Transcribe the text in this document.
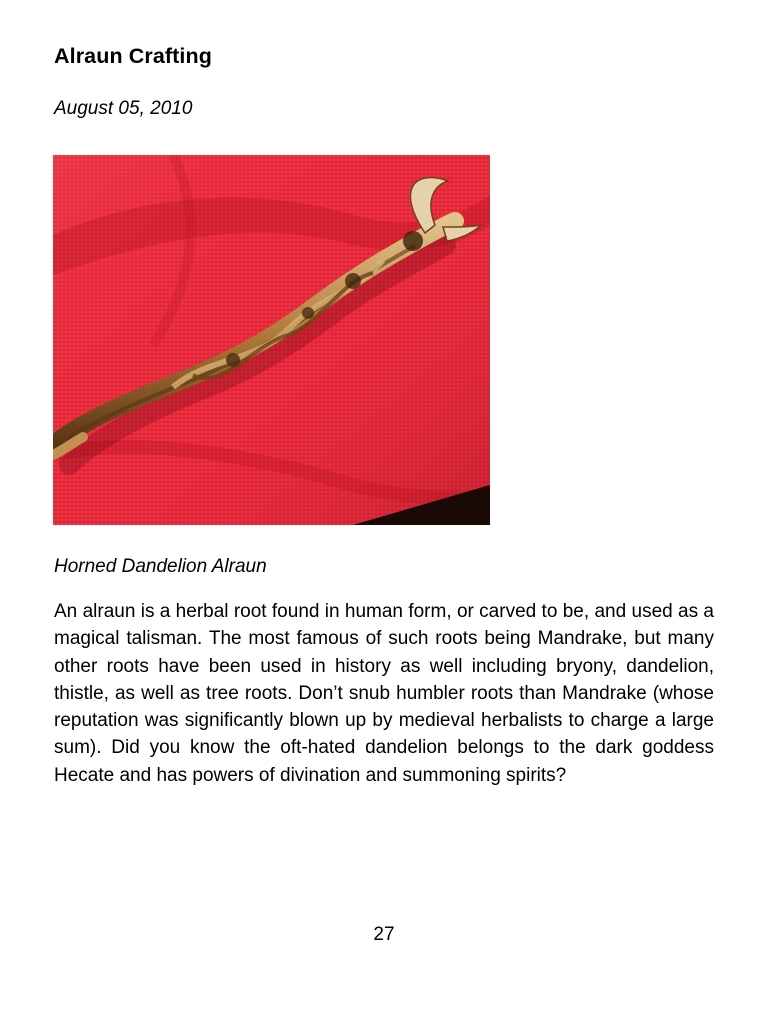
Alraun Crafting

August 05, 2010

Horned Dandelion Alraun

An alraun is a herbal root found in human form, or carved to be, and used as a magical talisman. The most famous of such roots being Mandrake, but many other roots have been used in history as well including bryony, dandelion, thistle, as well as tree roots. Don’t snub humbler roots than Mandrake (whose reputation was significantly blown up by medieval herbalists to charge a large sum). Did you know the oft-hated dandelion belongs to the dark goddess Hecate and has powers of divination and summoning spirits?

27
